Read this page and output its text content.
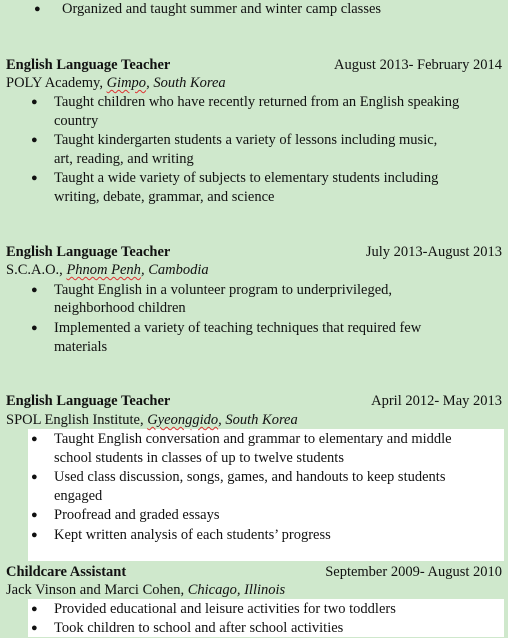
● Organized and taught summer and winter camp classes
English Language Teacher	August 2013- February 2014
POLY Academy, Gimpo, South Korea
● Taught children who have recently returned from an English speaking
country
● Taught kindergarten students a variety of lessons including music,
art, reading, and writing
● Taught a wide variety of subjects to elementary students including
writing, debate, grammar, and science
English Language Teacher	July 2013-August 2013
S.C.A.O., Phnom Penh, Cambodia
● Taught English in a volunteer program to underprivileged,
neighborhood children
● Implemented a variety of teaching techniques that required few
materials
English Language Teacher	April 2012- May 2013
SPOL English Institute, Gyeonggido, South Korea
● Taught English conversation and grammar to elementary and middle
school students in classes of up to twelve students
● Used class discussion, songs, games, and handouts to keep students
engaged
● Proofread and graded essays
● Kept written analysis of each students’ progress
Childcare Assistant	September 2009- August 2010
Jack Vinson and Marci Cohen, Chicago, Illinois
● Provided educational and leisure activities for two toddlers
● Took children to school and after school activities
